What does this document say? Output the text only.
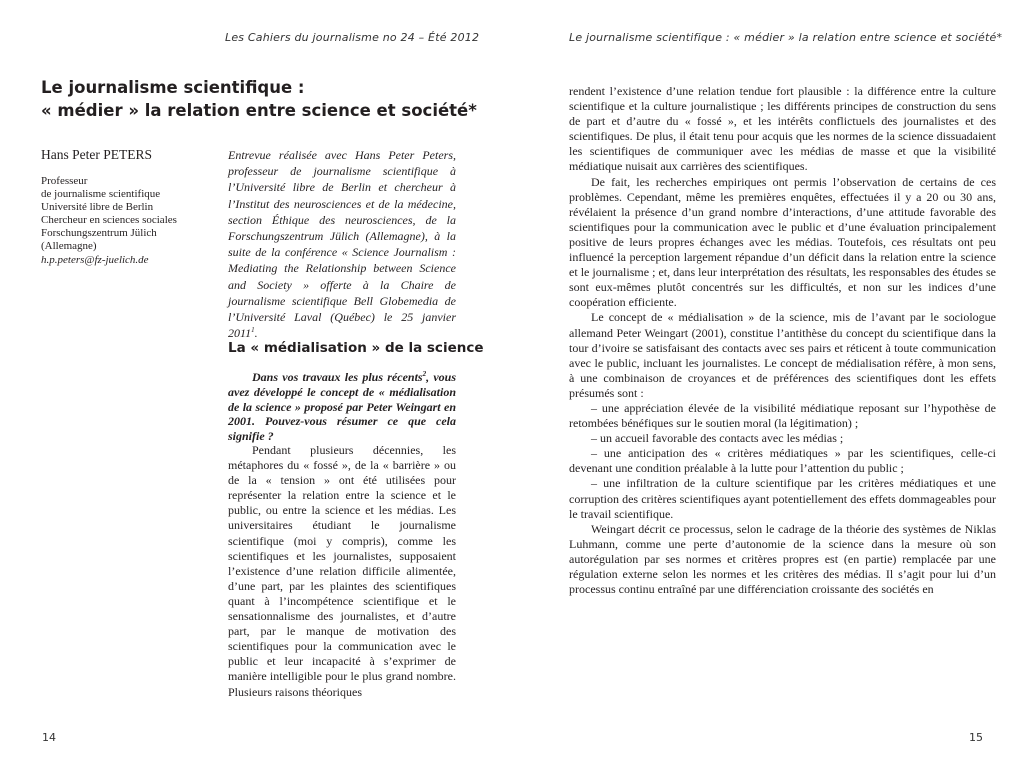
Les Cahiers du journalisme no 24 – Été 2012
Le journalisme scientifique :
« médier » la relation entre science et société*
Hans Peter PETERS
Professeur
de journalisme scientifique
Université libre de Berlin
Chercheur en sciences sociales
Forschungszentrum Jülich
(Allemagne)
h.p.peters@fz-juelich.de
Entrevue réalisée avec Hans Peter Peters, professeur de journalisme scientifique à l’Université libre de Berlin et chercheur à l’Institut des neurosciences et de la médecine, section Éthique des neurosciences, de la Forschungszentrum Jülich (Allemagne), à la suite de la conférence « Science Journalism : Mediating the Relationship between Science and Society » offerte à la Chaire de journalisme scientifique Bell Globemedia de l’Université Laval (Québec) le 25 janvier 2011$^1$.
La « médialisation » de la science
Dans vos travaux les plus récents$^2$, vous avez développé le concept de « médialisation de la science » proposé par Peter Weingart en 2001. Pouvez-vous résumer ce que cela signifie ?
Pendant plusieurs décennies, les métaphores du « fossé », de la « barrière » ou de la « tension » ont été utilisées pour représenter la relation entre la science et le public, ou entre la science et les médias. Les universitaires étudiant le journalisme scientifique (moi y compris), comme les scientifiques et les journalistes, supposaient l’existence d’une relation difficile alimentée, d’une part, par les plaintes des scientifiques quant à l’incompétence scientifique et le sensationnalisme des journalistes, et d’autre part, par le manque de motivation des scientifiques pour la communication avec le public et leur incapacité à s’exprimer de manière intelligible pour le plus grand nombre. Plusieurs raisons théoriques
14
Le journalisme scientifique : « médier » la relation entre science et société*

rendent l’existence d’une relation tendue fort plausible : la différence entre la culture scientifique et la culture journalistique ; les différents principes de construction du sens de part et d’autre du « fossé », et les intérêts conflictuels des journalistes et des scientifiques. De plus, il était tenu pour acquis que les normes de la science dissuadaient les scientifiques de communiquer avec les médias de masse et que la visibilité médiatique nuisait aux carrières des scientifiques.

De fait, les recherches empiriques ont permis l’observation de certains de ces problèmes. Cependant, même les premières enquêtes, effectuées il y a 20 ou 30 ans, révélaient la présence d’un grand nombre d’interactions, d’une attitude favorable des scientifiques pour la communication avec le public et d’une évaluation principalement positive de leurs propres échanges avec les médias. Toutefois, ces résultats ont peu influencé la perception largement répandue d’un déficit dans la relation entre la science et le journalisme ; et, dans leur interprétation des résultats, les responsables des études se sont eux-mêmes plutôt concentrés sur les difficultés, et non sur les indices d’une coopération efficiente.

Le concept de « médialisation » de la science, mis de l’avant par le sociologue allemand Peter Weingart (2001), constitue l’antithèse du concept du scientifique dans la tour d’ivoire se satisfaisant des contacts avec ses pairs et réticent à toute communication avec le public, incluant les journalistes. Le concept de médialisation réfère, à mon sens, à une combinaison de croyances et de préférences des scientifiques dont les effets présumés sont :

– une appréciation élevée de la visibilité médiatique reposant sur l’hypothèse de retombées bénéfiques sur le soutien moral (la légitimation) ;

– un accueil favorable des contacts avec les médias ;

– une anticipation des « critères médiatiques » par les scientifiques, celle-ci devenant une condition préalable à la lutte pour l’attention du public ;

– une infiltration de la culture scientifique par les critères médiatiques et une corruption des critères scientifiques ayant potentiellement des effets dommageables pour le travail scientifique.

Weingart décrit ce processus, selon le cadrage de la théorie des systèmes de Niklas Luhmann, comme une perte d’autonomie de la science dans la mesure où son autorégulation par ses normes et critères propres est (en partie) remplacée par une régulation externe selon les normes et les critères des médias. Il s’agit pour lui d’un processus continu entraîné par une différenciation croissante des sociétés en

15
